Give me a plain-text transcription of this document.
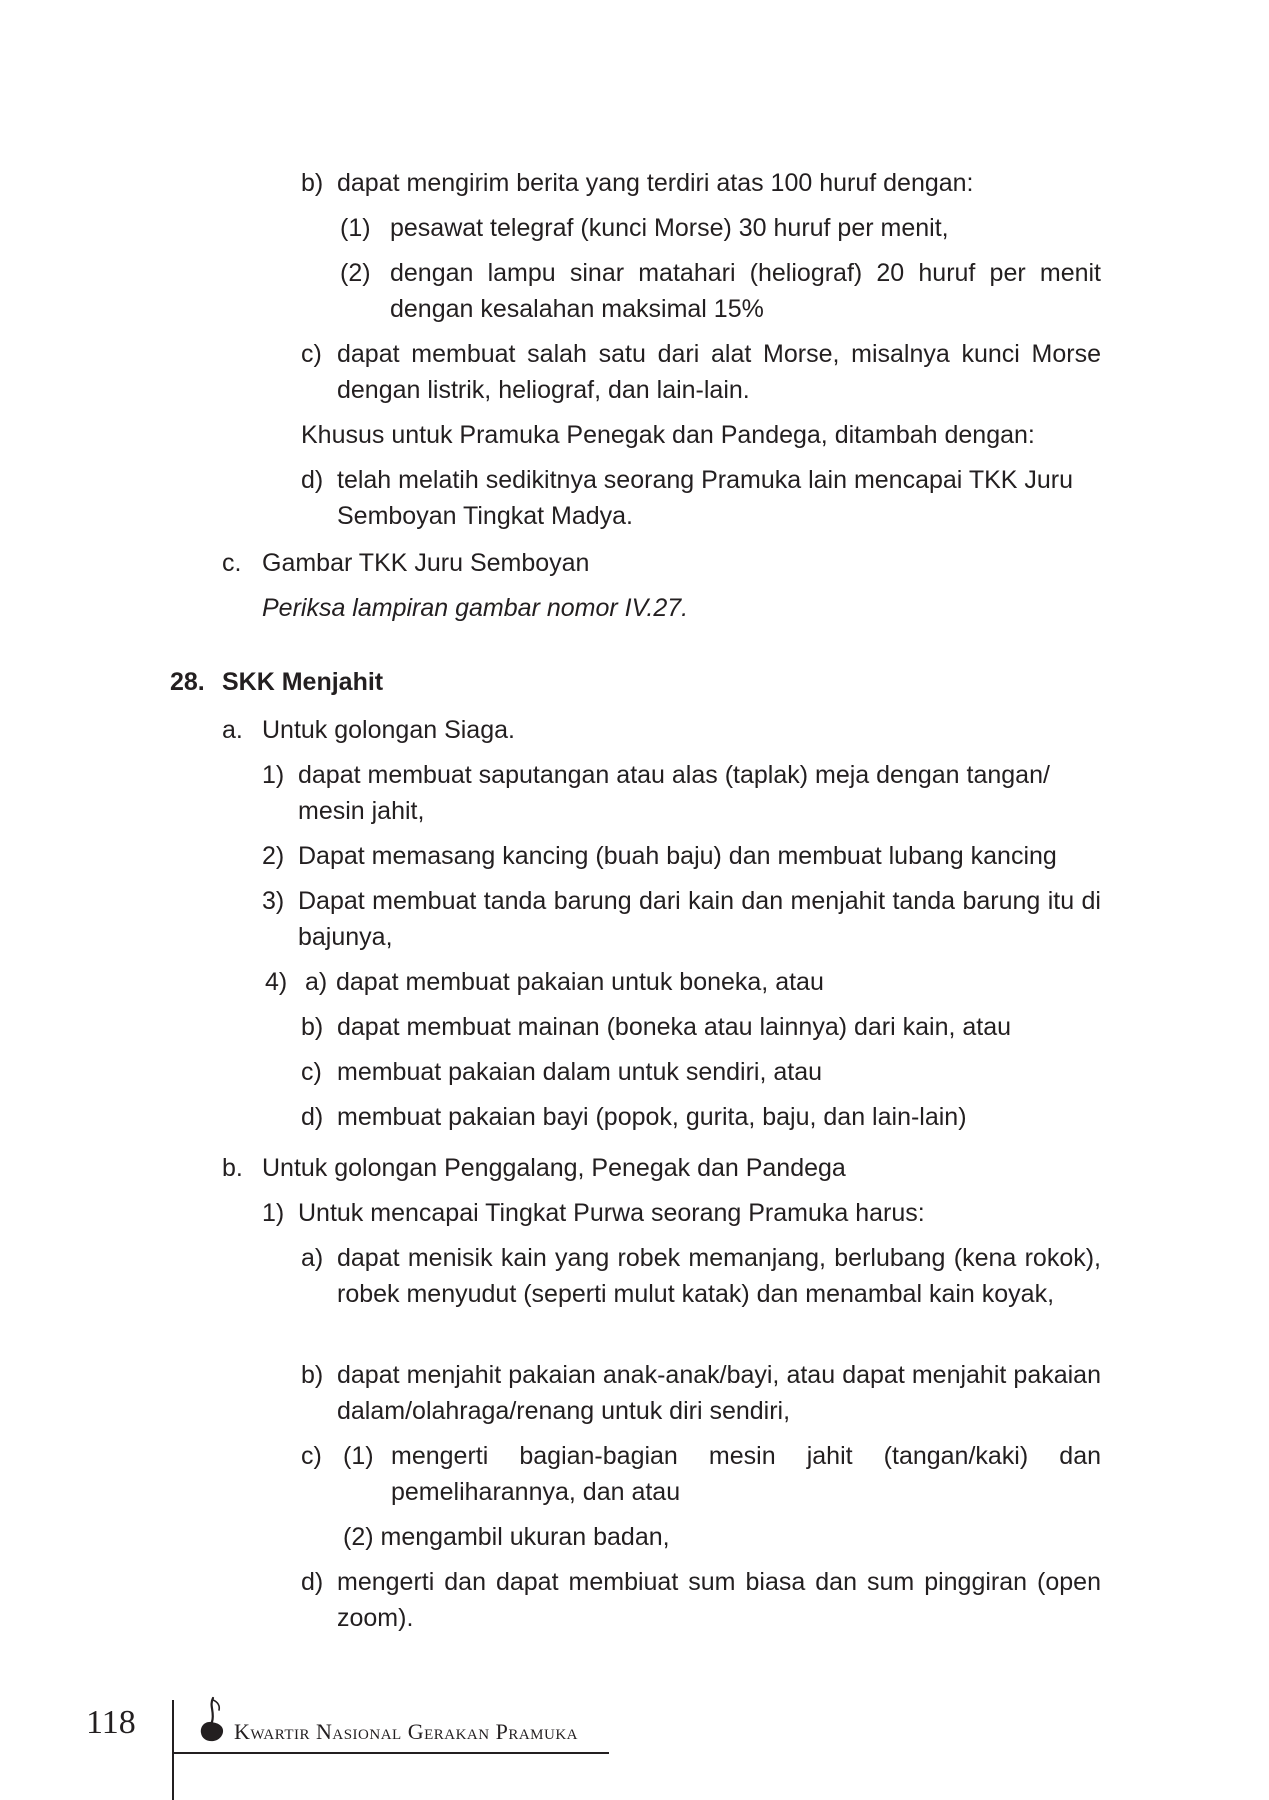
b) dapat mengirim berita yang terdiri atas 100 huruf dengan:
(1) pesawat telegraf (kunci Morse) 30 huruf per menit,
(2) dengan lampu sinar matahari (heliograf) 20 huruf per menit dengan kesalahan maksimal 15%
c) dapat membuat salah satu dari alat Morse, misalnya kunci Morse dengan listrik, heliograf, dan lain-lain.
Khusus untuk Pramuka Penegak dan Pandega, ditambah dengan:
d) telah melatih sedikitnya seorang Pramuka lain mencapai TKK Juru Semboyan Tingkat Madya.
c. Gambar TKK Juru Semboyan
Periksa lampiran gambar nomor IV.27.
28. SKK Menjahit
a. Untuk golongan Siaga.
1) dapat membuat saputangan atau alas (taplak) meja dengan tangan/ mesin jahit,
2) Dapat memasang kancing (buah baju) dan membuat lubang kancing
3) Dapat membuat tanda barung dari kain dan menjahit tanda barung itu di bajunya,
4) a) dapat membuat pakaian untuk boneka, atau
b) dapat membuat mainan (boneka atau lainnya) dari kain, atau
c) membuat pakaian dalam untuk sendiri, atau
d) membuat pakaian bayi (popok, gurita, baju, dan lain-lain)
b. Untuk golongan Penggalang, Penegak dan Pandega
1) Untuk mencapai Tingkat Purwa seorang Pramuka harus:
a) dapat menisik kain yang robek memanjang, berlubang (kena rokok), robek menyudut (seperti mulut katak) dan menambal kain koyak,
b) dapat menjahit pakaian anak-anak/bayi, atau dapat menjahit pakaian dalam/olahraga/renang untuk diri sendiri,
c) (1) mengerti bagian-bagian mesin jahit (tangan/kaki) dan pemeliharannya, dan atau
(2) mengambil ukuran badan,
d) mengerti dan dapat membiuat sum biasa dan sum pinggiran (open zoom).
118	Kwartir Nasional Gerakan Pramuka
